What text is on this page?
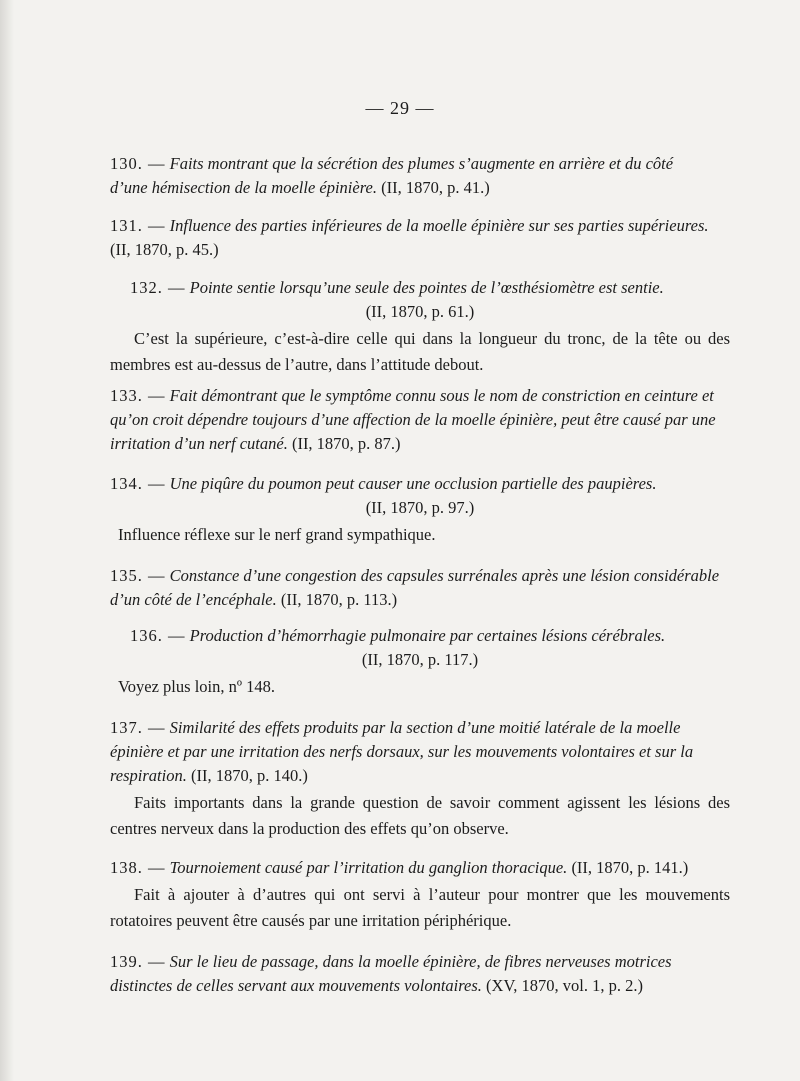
— 29 —
130. — Faits montrant que la sécrétion des plumes s’augmente en arrière et du côté d’une hémisection de la moelle épinière. (II, 1870, p. 41.)
131. — Influence des parties inférieures de la moelle épinière sur ses parties supérieures. (II, 1870, p. 45.)
132. — Pointe sentie lorsqu’une seule des pointes de l’œsthésiomètre est sentie.
(II, 1870, p. 61.)
C’est la supérieure, c’est-à-dire celle qui dans la longueur du tronc, de la tête ou des membres est au-dessus de l’autre, dans l’attitude debout.
133. — Fait démontrant que le symptôme connu sous le nom de constriction en ceinture et qu’on croit dépendre toujours d’une affection de la moelle épinière, peut être causé par une irritation d’un nerf cutané. (II, 1870, p. 87.)
134. — Une piqûre du poumon peut causer une occlusion partielle des paupières.
(II, 1870, p. 97.)
Influence réflexe sur le nerf grand sympathique.
135. — Constance d’une congestion des capsules surrénales après une lésion considérable d’un côté de l’encéphale. (II, 1870, p. 113.)
136. — Production d’hémorrhagie pulmonaire par certaines lésions cérébrales.
(II, 1870, p. 117.)
Voyez plus loin, nº 148.
137. — Similarité des effets produits par la section d’une moitié latérale de la moelle épinière et par une irritation des nerfs dorsaux, sur les mouvements volontaires et sur la respiration. (II, 1870, p. 140.)
Faits importants dans la grande question de savoir comment agissent les lésions des centres nerveux dans la production des effets qu’on observe.
138. — Tournoiement causé par l’irritation du ganglion thoracique. (II, 1870, p. 141.)
Fait à ajouter à d’autres qui ont servi à l’auteur pour montrer que les mouvements rotatoires peuvent être causés par une irritation périphérique.
139. — Sur le lieu de passage, dans la moelle épinière, de fibres nerveuses motrices distinctes de celles servant aux mouvements volontaires. (XV, 1870, vol. 1, p. 2.)
